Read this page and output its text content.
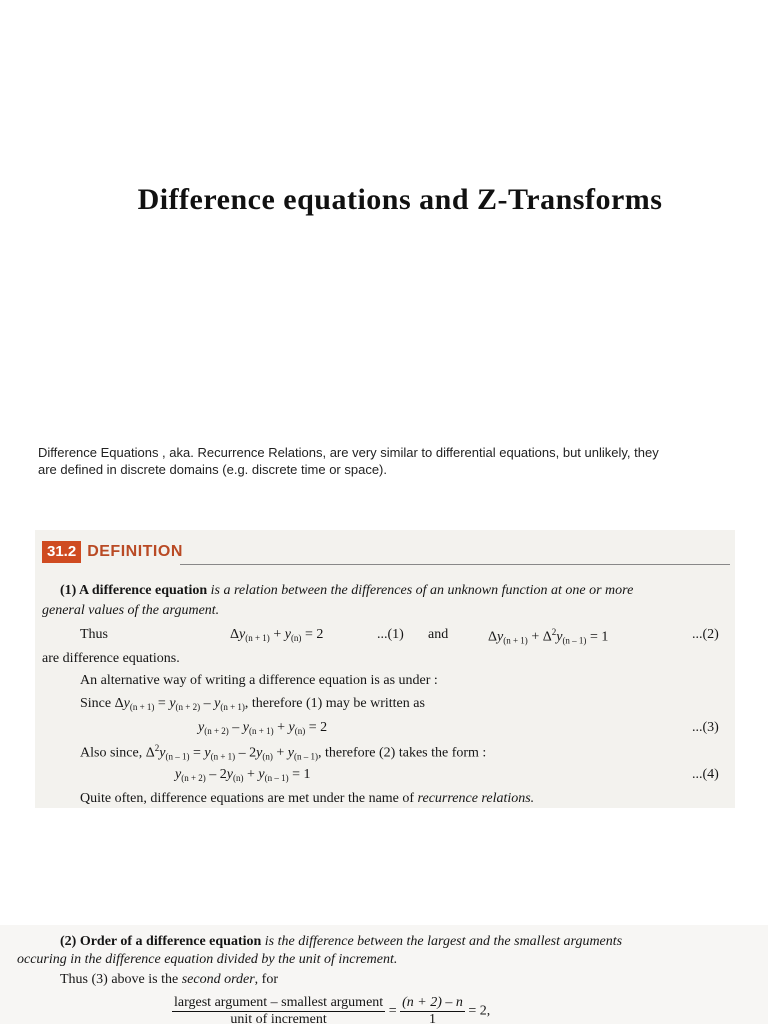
Difference equations and Z-Transforms
Difference Equations , aka. Recurrence Relations, are very similar to differential equations, but unlikely, they
are defined in discrete domains (e.g. discrete time or space).
31.2 DEFINITION
(1) A difference equation is a relation between the differences of an unknown function at one or more
general values of the argument.
Thus	$\Delta y_{(n + 1)} + y_{(n)} = 2$	...(1) and	$\Delta y_{(n + 1)} + \Delta^2y_{(n - 1)} = 1$	...(2)
are difference equations.
An alternative way of writing a difference equation is as under :
Since $\Delta y_{(n + 1)} = y_{(n + 2)} - y_{(n + 1)}$, therefore (1) may be written as
$y_{(n + 2)} - y_{(n + 1)} + y_{(n)} = 2$	...(3)
Also since, $\Delta^2y_{(n - 1)} = y_{(n + 1)} - 2y_{(n)} + y_{(n - 1)}$, therefore (2) takes the form :
$y_{(n + 2)} - 2y_{(n)} + y_{(n - 1)} = 1$	...(4)
Quite often, difference equations are met under the name of recurrence relations.
(2) Order of a difference equation is the difference between the largest and the smallest arguments
occuring in the difference equation divided by the unit of increment.
Thus (3) above is the second order, for
$\frac{\text{largest argument – smallest argument}}{\text{unit of increment}} = \frac{(n + 2) - n}{1} = 2$,
